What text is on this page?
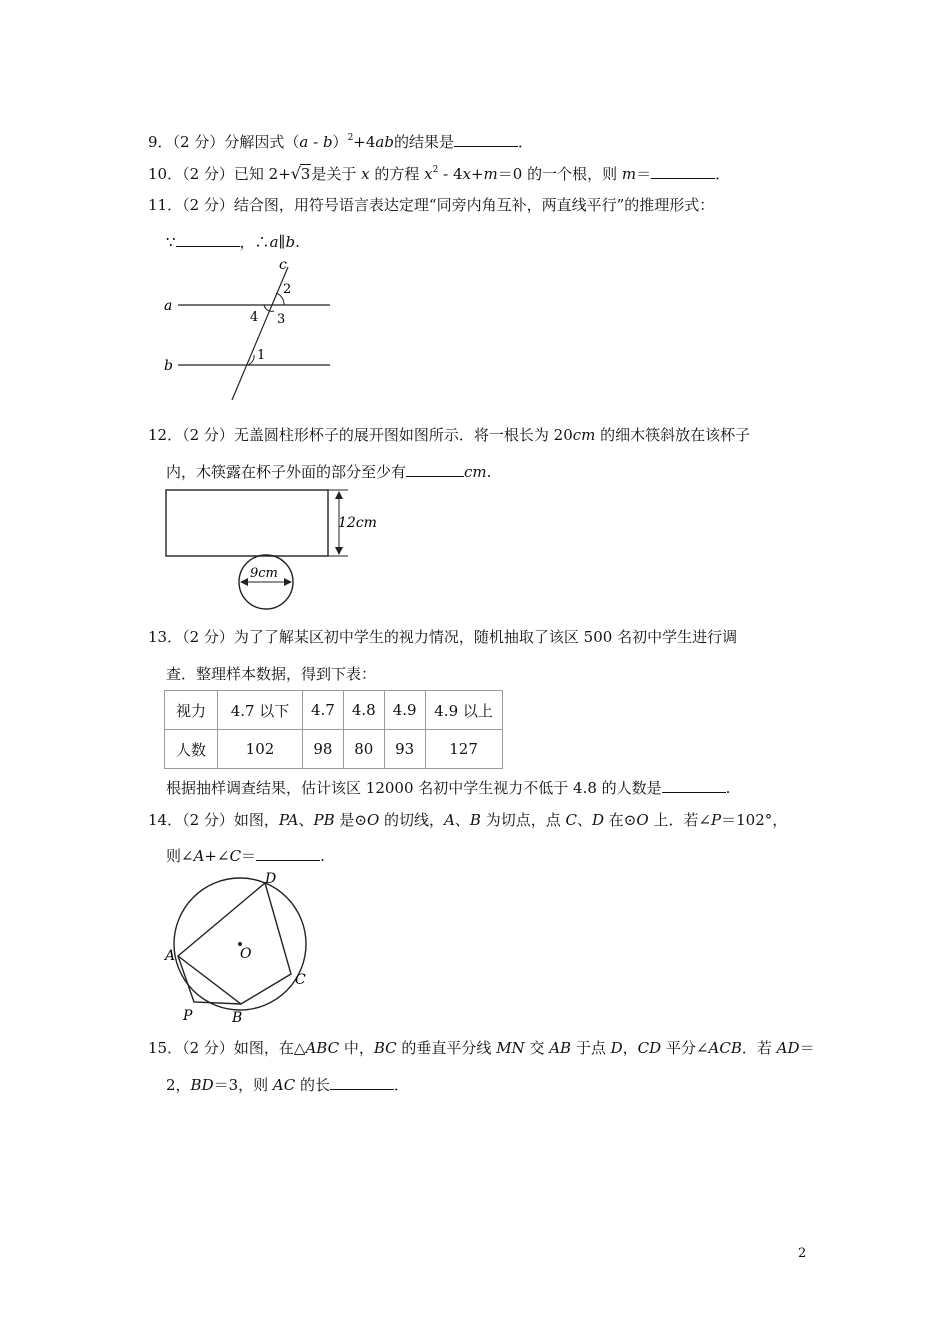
9．（2 分）分解因式（a - b）$^2$+4ab的结果是	．
10．（2 分）已知 2+ √ 3是关于 x 的方程 $x^2 - 4x+m=0$ 的一个根，则 m＝	．
11．（2 分）结合图，用符号语言表达定理“同旁内角互补，两直线平行”的推理形式：
∵	，∴a∥b.
a
b
c
2
3
4
1
12．（2 分）无盖圆柱形杯子的展开图如图所示．将一根长为 20cm 的细木筷斜放在该杯子
内，木筷露在杯子外面的部分至少有	cm.
12cm
9cm
13．（2 分）为了了解某区初中学生的视力情况，随机抽取了该区 500 名初中学生进行调
查．整理样本数据，得到下表：
视力	4.7 以下	4.7	4.8	4.9	4.9 以上
人数	102	98	80	93	127
根据抽样调查结果，估计该区 12000 名初中学生视力不低于 4.8 的人数是	.
14．（2 分）如图，PA、PB 是⊙O 的切线，A、B 为切点，点 C、D 在⊙O 上．若∠P＝102°，
则∠A+∠C＝	.
O
D
A
C
P	B
15．（2 分）如图，在△ABC 中，BC 的垂直平分线 MN 交 AB 于点 D，CD 平分∠ACB．若 AD＝
2，BD＝3，则 AC 的长	．
2
